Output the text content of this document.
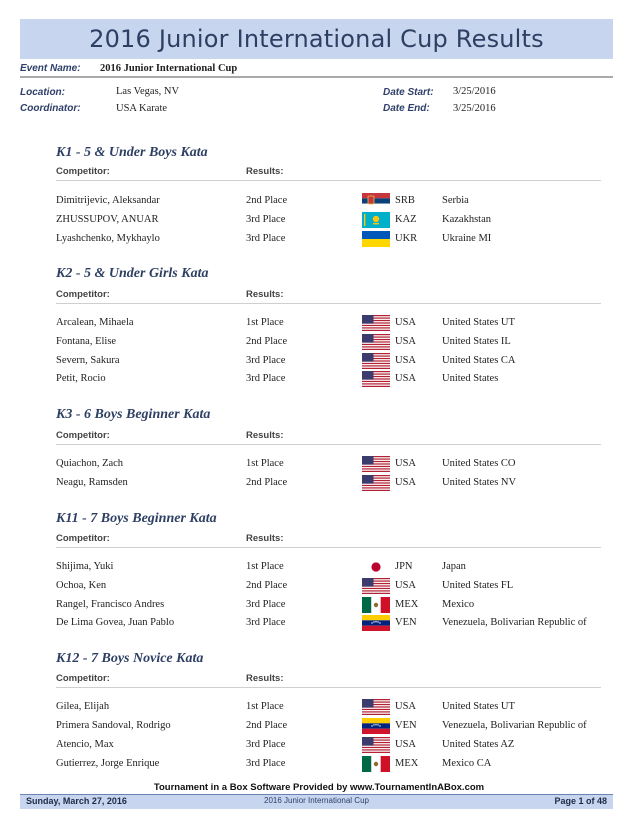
2016 Junior International Cup Results
Event Name: 2016 Junior International Cup
Location:	Las Vegas, NV
Coordinator:	USA Karate
Date Start: 3/25/2016
Date End: 3/25/2016
K1 - 5 & Under Boys Kata
Competitor:	Results:
Dimitrijevic, Aleksandar	2nd Place	SRB	Serbia
ZHUSSUPOV, ANUAR	3rd Place	KAZ Kazakhstan
Lyashchenko, Mykhaylo	3rd Place	UKR Ukraine MI
K2 - 5 & Under Girls Kata
Competitor:	Results:
Arcalean, Mihaela	1st Place	USA United States UT
Fontana, Elise	2nd Place	USA United States IL
Severn, Sakura	3rd Place	USA United States CA
Petit, Rocio	3rd Place	USA United States
K3 - 6 Boys Beginner Kata
Competitor:	Results:
Quiachon, Zach	1st Place	USA United States CO
Neagu, Ramsden	2nd Place	USA United States NV
K11 - 7 Boys Beginner Kata
Competitor:	Results:
Shijima, Yuki	1st Place	JPN	Japan
Ochoa, Ken	2nd Place	USA United States FL
Rangel, Francisco Andres	3rd Place	MEX Mexico
De Lima Govea, Juan Pablo	3rd Place	VEN Venezuela, Bolivarian Republic of
K12 - 7 Boys Novice Kata
Competitor:	Results:
Gilea, Elijah	1st Place	USA United States UT
Primera Sandoval, Rodrigo	2nd Place	VEN Venezuela, Bolivarian Republic of
Atencio, Max	3rd Place	USA United States AZ
Gutierrez, Jorge Enrique	3rd Place	MEX Mexico CA
Tournament in a Box Software Provided by www.TournamentInABox.com
2016 Junior International Cup
Sunday, March 27, 2016	Page 1 of 48
